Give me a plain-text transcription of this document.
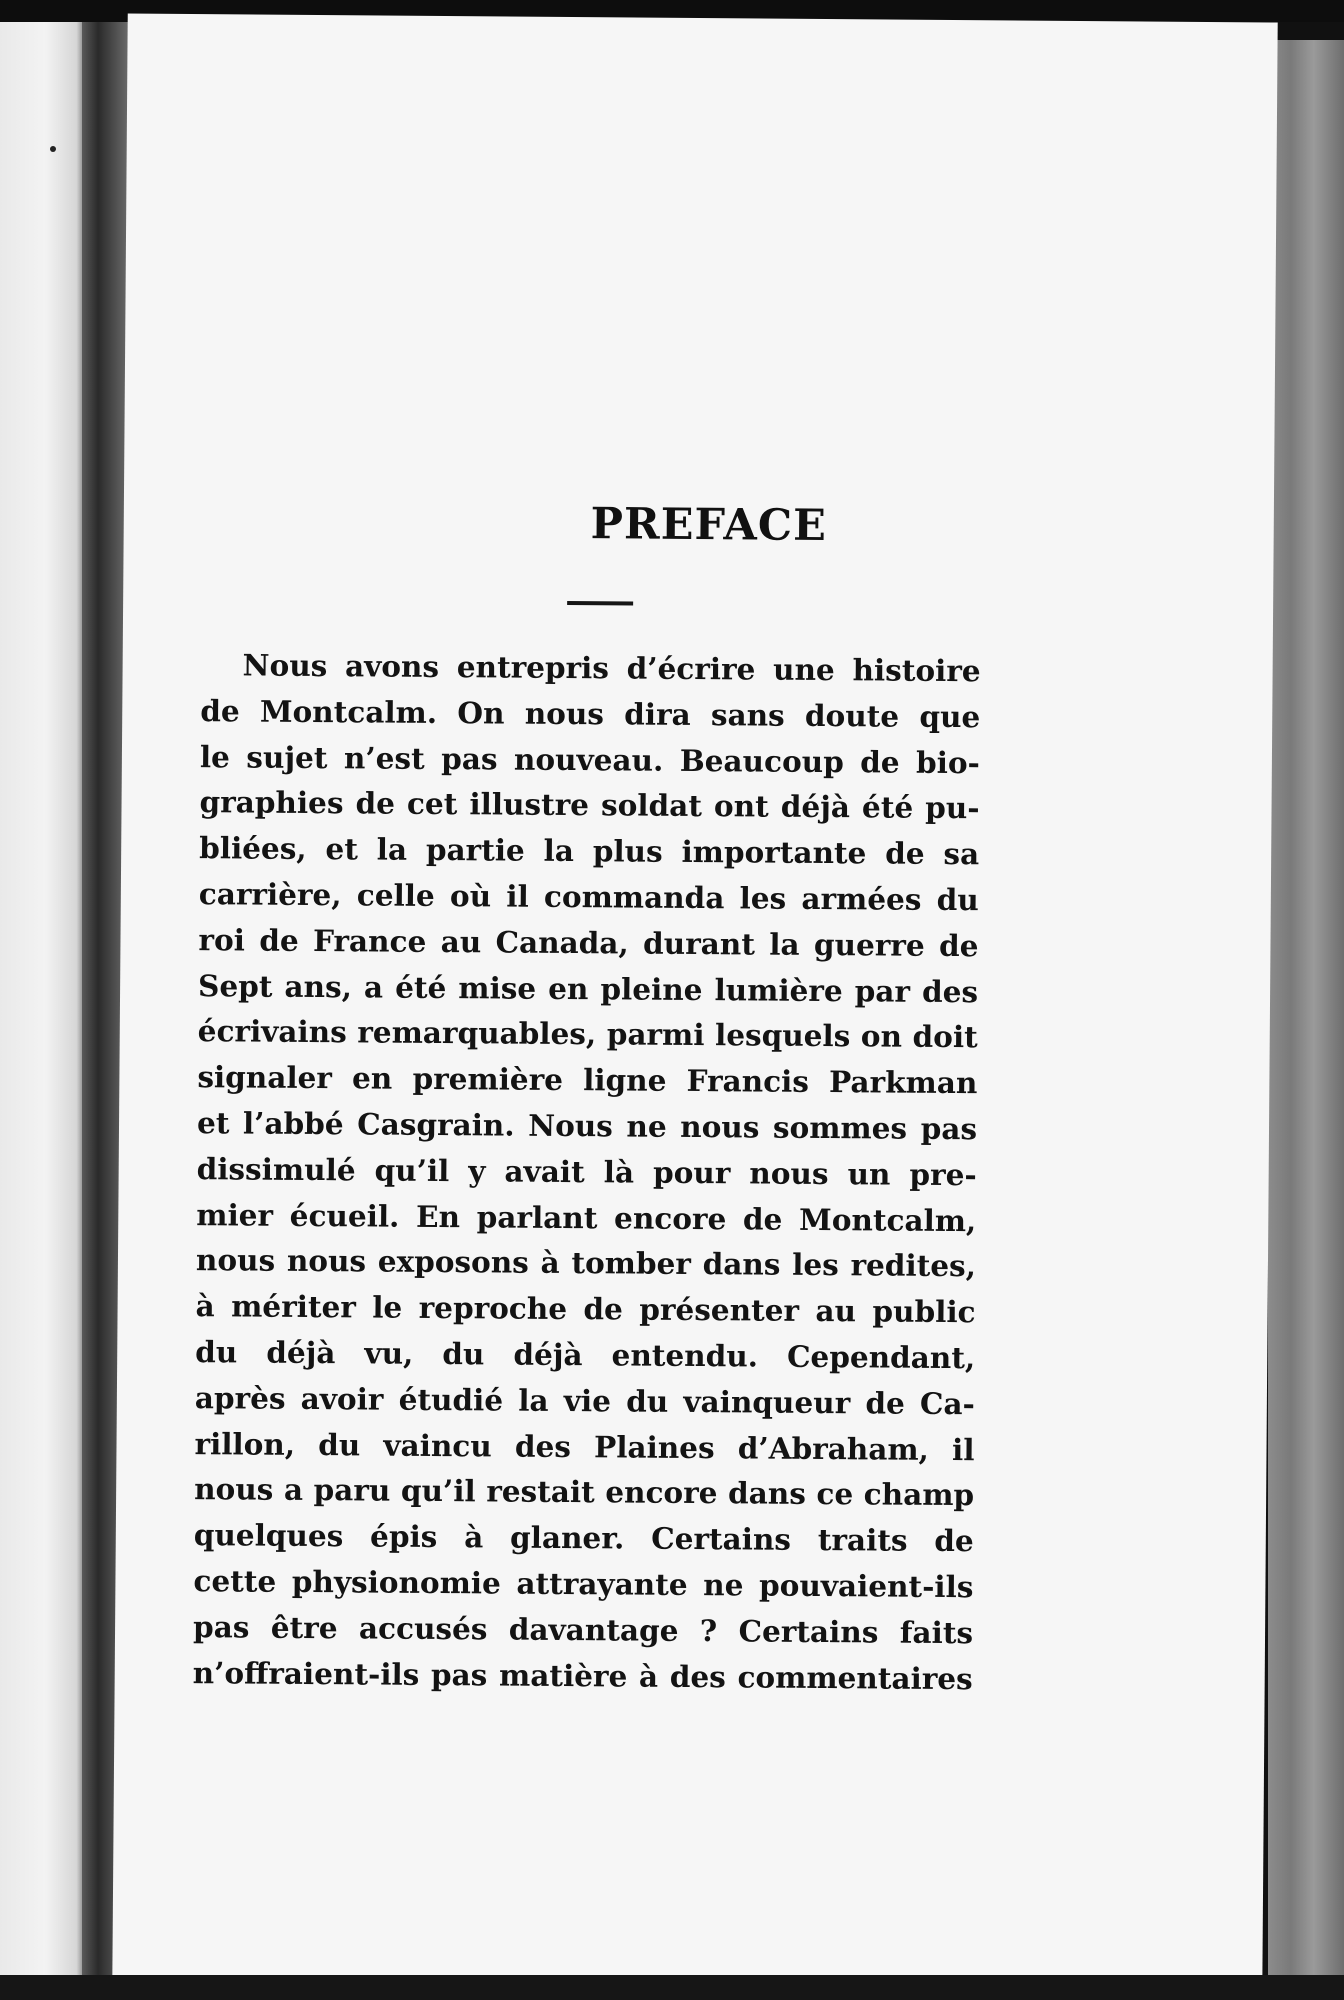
PREFACE
Nous avons entrepris d’écrire une histoire
de Montcalm. On nous dira sans doute que
le sujet n’est pas nouveau. Beaucoup de bio-
graphies de cet illustre soldat ont déjà été pu-
bliées, et la partie la plus importante de sa
carrière, celle où il commanda les armées du
roi de France au Canada, durant la guerre de
Sept ans, a été mise en pleine lumière par des
écrivains remarquables, parmi lesquels on doit
signaler en première ligne Francis Parkman
et l’abbé Casgrain. Nous ne nous sommes pas
dissimulé qu’il y avait là pour nous un pre-
mier écueil. En parlant encore de Montcalm,
nous nous exposons à tomber dans les redites,
à mériter le reproche de présenter au public
du déjà vu, du déjà entendu. Cependant,
après avoir étudié la vie du vainqueur de Ca-
rillon, du vaincu des Plaines d’Abraham, il
nous a paru qu’il restait encore dans ce champ
quelques épis à glaner. Certains traits de
cette physionomie attrayante ne pouvaient-ils
pas être accusés davantage ? Certains faits
n’offraient-ils pas matière à des commentaires
